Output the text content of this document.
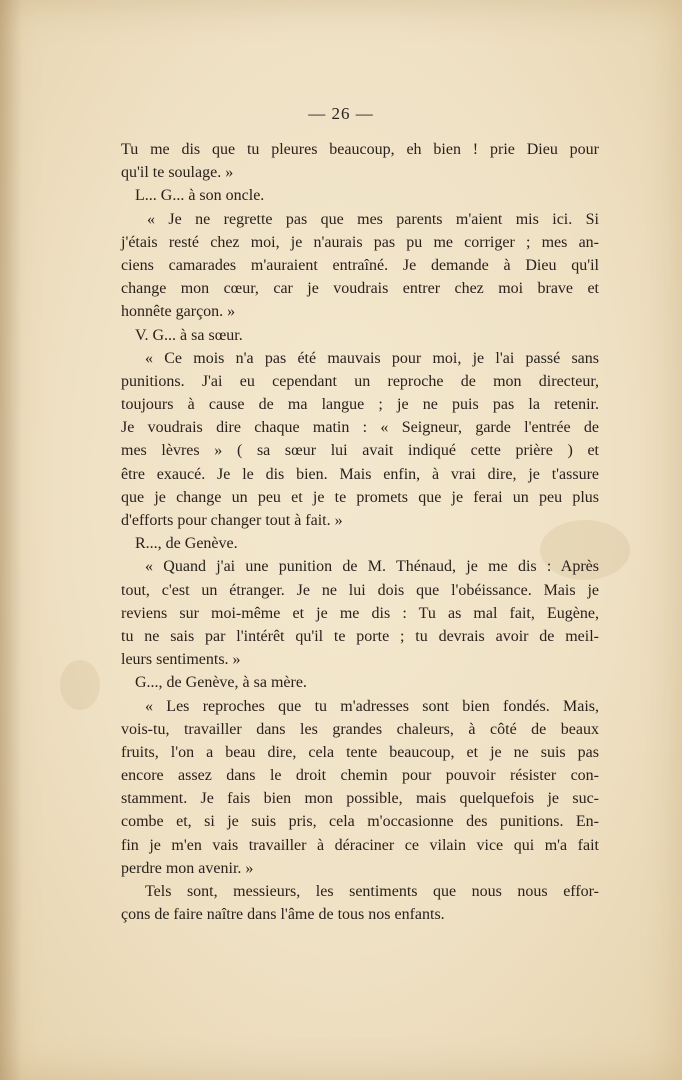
— 26 —
Tu me dis que tu pleures beaucoup, eh bien ! prie Dieu pour
qu'il te soulage. »
L... G... à son oncle.
« Je ne regrette pas que mes parents m'aient mis ici. Si
j'étais resté chez moi, je n'aurais pas pu me corriger ; mes an-
ciens camarades m'auraient entraîné. Je demande à Dieu qu'il
change mon cœur, car je voudrais entrer chez moi brave et
honnête garçon. »
V. G... à sa sœur.
« Ce mois n'a pas été mauvais pour moi, je l'ai passé sans
punitions. J'ai eu cependant un reproche de mon directeur,
toujours à cause de ma langue ; je ne puis pas la retenir.
Je voudrais dire chaque matin : « Seigneur, garde l'entrée de
mes lèvres » ( sa sœur lui avait indiqué cette prière ) et
être exaucé. Je le dis bien. Mais enfin, à vrai dire, je t'assure
que je change un peu et je te promets que je ferai un peu plus
d'efforts pour changer tout à fait. »
R..., de Genève.
« Quand j'ai une punition de M. Thénaud, je me dis : Après
tout, c'est un étranger. Je ne lui dois que l'obéissance. Mais je
reviens sur moi-même et je me dis : Tu as mal fait, Eugène,
tu ne sais par l'intérêt qu'il te porte ; tu devrais avoir de meil-
leurs sentiments. »
G..., de Genève, à sa mère.
« Les reproches que tu m'adresses sont bien fondés. Mais,
vois-tu, travailler dans les grandes chaleurs, à côté de beaux
fruits, l'on a beau dire, cela tente beaucoup, et je ne suis pas
encore assez dans le droit chemin pour pouvoir résister con-
stamment. Je fais bien mon possible, mais quelquefois je suc-
combe et, si je suis pris, cela m'occasionne des punitions. En-
fin je m'en vais travailler à déraciner ce vilain vice qui m'a fait
perdre mon avenir. »
Tels sont, messieurs, les sentiments que nous nous effor-
çons de faire naître dans l'âme de tous nos enfants.
